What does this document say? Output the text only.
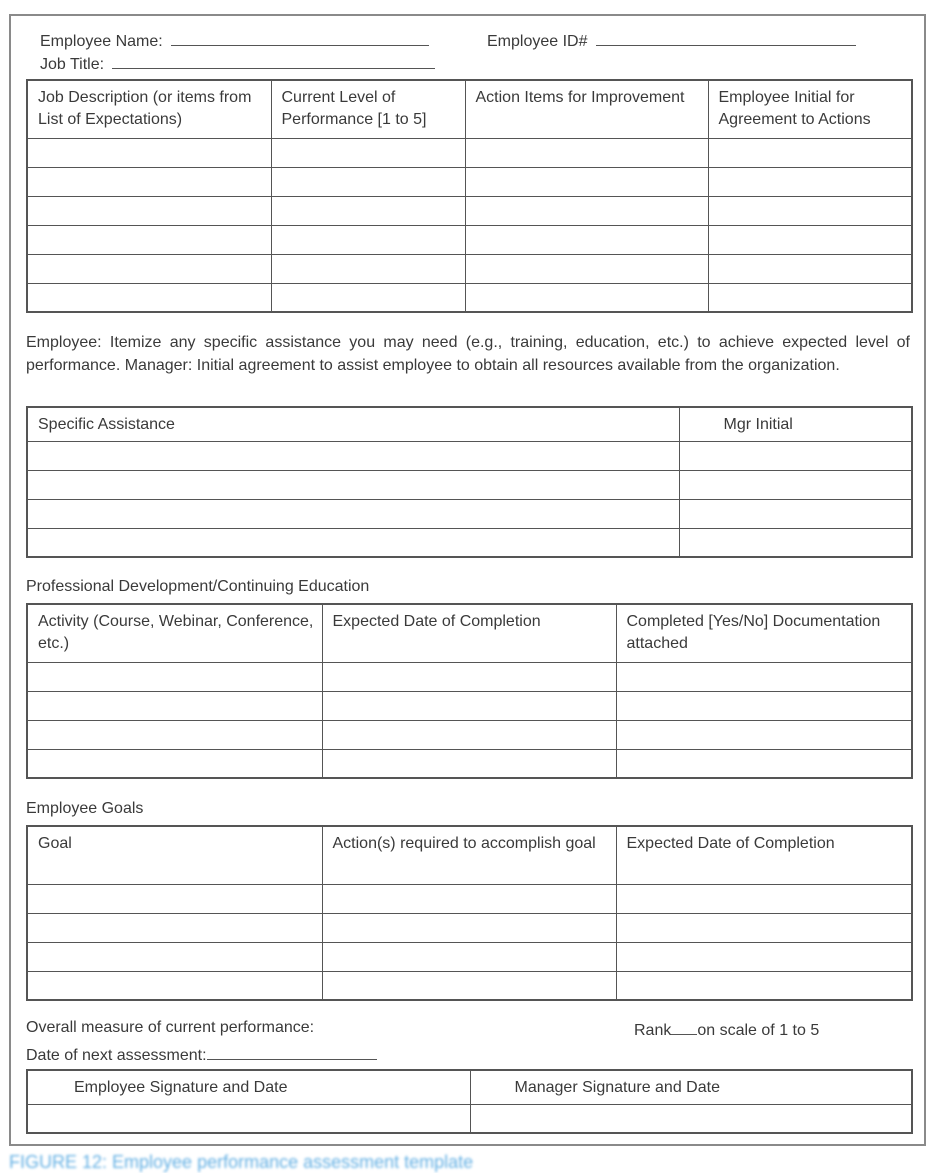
Employee Name:	Employee ID#
Job Title:
Job Description (or items from List of Expectations)	Current Level of Performance [1 to 5]	Action Items for Improvement	Employee Initial for Agreement to Actions

Employee: Itemize any specific assistance you may need (e.g., training, education, etc.) to achieve expected level of performance. Manager: Initial agreement to assist employee to obtain all resources available from the organization.
Specific Assistance	Mgr Initial

Professional Development/Continuing Education
Activity (Course, Webinar, Conference, etc.)	Expected Date of Completion	Completed [Yes/No] Documentation attached

Employee Goals
Goal	Action(s) required to accomplish goal	Expected Date of Completion

Overall measure of current performance:	Rank on scale of 1 to 5
Date of next assessment:
Employee Signature and Date	Manager Signature and Date

FIGURE 12: Employee performance assessment template
